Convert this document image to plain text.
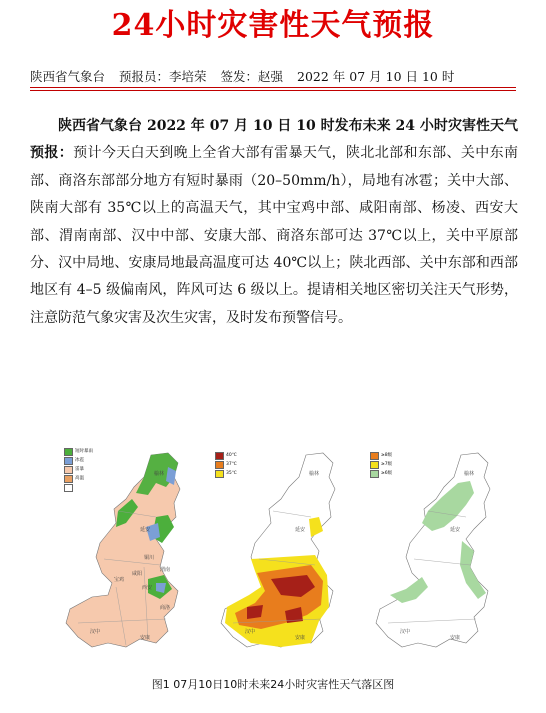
24小时灾害性天气预报
陕西省气象台 预报员：李培荣 签发：赵强 2022 年 07 月 10 日 10 时
陕西省气象台 2022 年 07 月 10 日 10 时发布未来 24 小时灾害性天气预报：预计今天白天到晚上全省大部有雷暴天气，陕北北部和东部、关中东南部、商洛东部部分地方有短时暴雨（20–50mm/h），局地有冰雹；关中大部、陕南大部有 35℃以上的高温天气，其中宝鸡中部、咸阳南部、杨凌、西安大部、渭南南部、汉中中部、安康大部、商洛东部可达 37℃以上，关中平原部分、汉中局地、安康局地最高温度可达 40℃以上；陕北西部、关中东部和西部地区有 4–5 级偏南风，阵风可达 6 级以上。提请相关地区密切关注天气形势，注意防范气象灾害及次生灾害，及时发布预警信号。
榆林
延安
铜川
宝鸡
咸阳
西安
渭南
商洛
汉中
安康
短时暴雨
冰雹
雷暴
高温
榆林
延安
汉中
安康
40℃
37℃
35℃	榆林
延安
汉中
安康
≥8级
≥7级
≥6级
图1 07月10日10时未来24小时灾害性天气落区图
